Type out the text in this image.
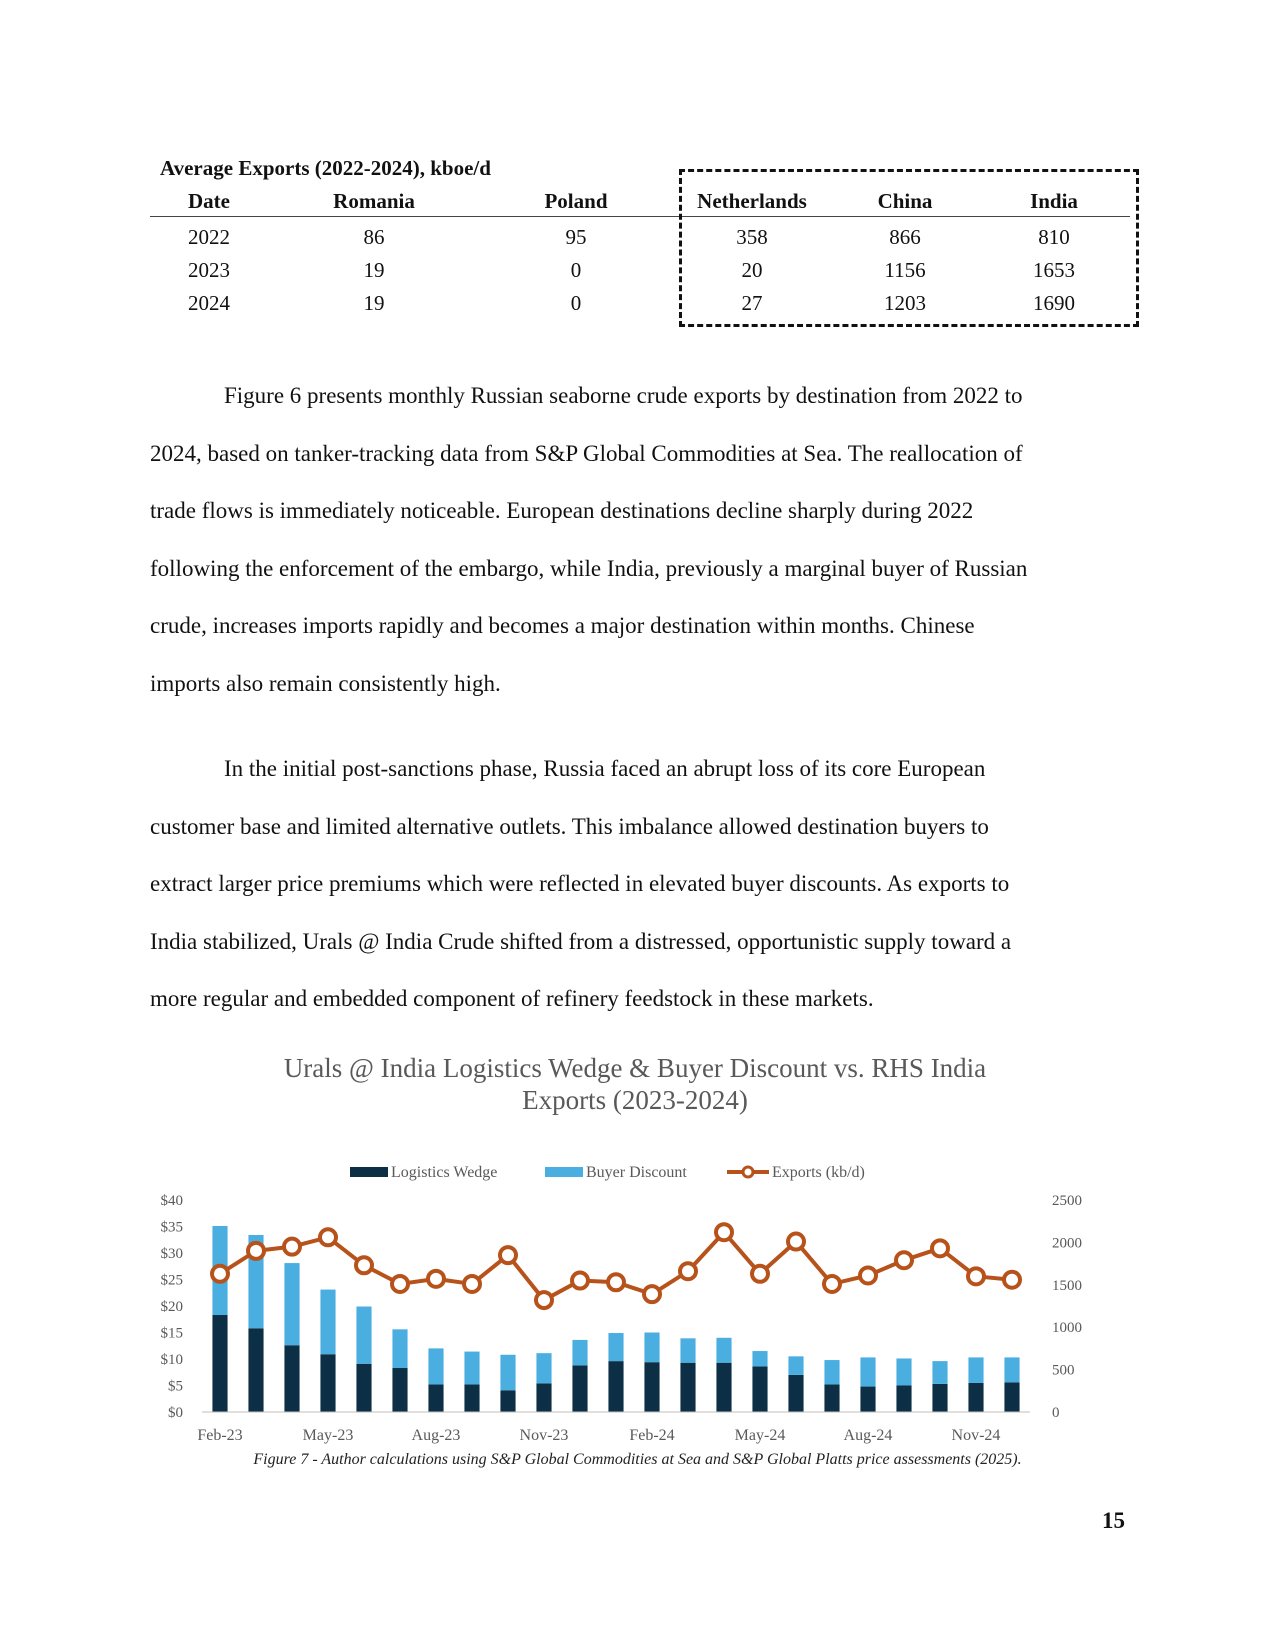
Average Exports (2022-2024), kboe/d
Date	Romania	Poland	Netherlands	China	India
2022	86	95	358	866	810
2023	19	0	20	1156	1653
2024	19	0	27	1203	1690

Figure 6 presents monthly Russian seaborne crude exports by destination from 2022 to
2024, based on tanker-tracking data from S&P Global Commodities at Sea. The reallocation of
trade flows is immediately noticeable. European destinations decline sharply during 2022
following the enforcement of the embargo, while India, previously a marginal buyer of Russian
crude, increases imports rapidly and becomes a major destination within months. Chinese
imports also remain consistently high.

In the initial post-sanctions phase, Russia faced an abrupt loss of its core European
customer base and limited alternative outlets. This imbalance allowed destination buyers to
extract larger price premiums which were reflected in elevated buyer discounts. As exports to
India stabilized, Urals @ India Crude shifted from a distressed, opportunistic supply toward a
more regular and embedded component of refinery feedstock in these markets.

Urals @ India Logistics Wedge & Buyer Discount vs. RHS India
Exports (2023-2024)
Logistics Wedge	Buyer Discount	Exports (kb/d)
$0
$5
$10
$15
$20
$25
$30
$35
$40
0
500
1000
1500
2000
2500
Feb-23	May-23	Aug-23	Nov-23	Feb-24	May-24	Aug-24	Nov-24
Figure 7 - Author calculations using S&P Global Commodities at Sea and S&P Global Platts price assessments (2025).
15
